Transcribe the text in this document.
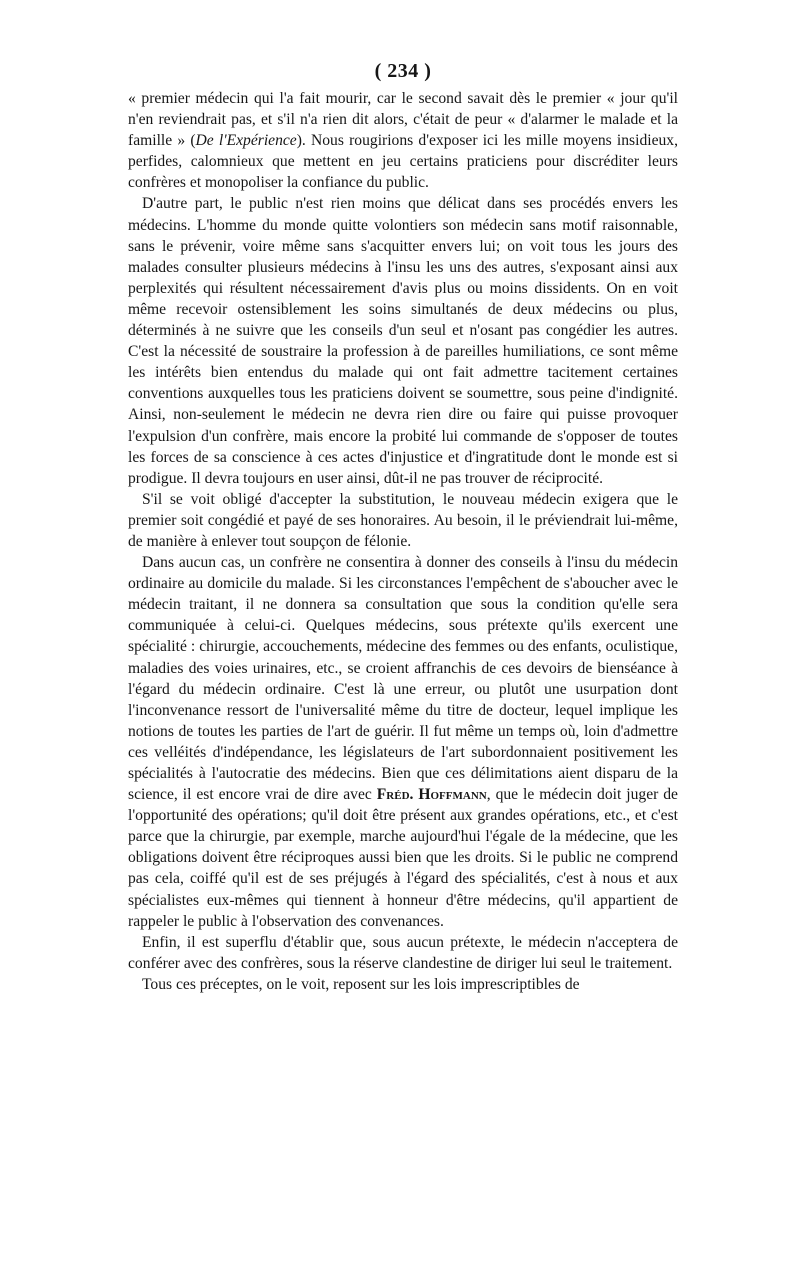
( 234 )

« premier médecin qui l'a fait mourir, car le second savait dès le premier « jour qu'il n'en reviendrait pas, et s'il n'a rien dit alors, c'était de peur « d'alarmer le malade et la famille » (De l'Expérience). Nous rougirions d'exposer ici les mille moyens insidieux, perfides, calomnieux que mettent en jeu certains praticiens pour discréditer leurs confrères et monopoliser la confiance du public.

D'autre part, le public n'est rien moins que délicat dans ses procédés envers les médecins. L'homme du monde quitte volontiers son médecin sans motif raisonnable, sans le prévenir, voire même sans s'acquitter envers lui; on voit tous les jours des malades consulter plusieurs médecins à l'insu les uns des autres, s'exposant ainsi aux perplexités qui résultent nécessairement d'avis plus ou moins dissidents. On en voit même recevoir ostensiblement les soins simultanés de deux médecins ou plus, déterminés à ne suivre que les conseils d'un seul et n'osant pas congédier les autres. C'est la nécessité de soustraire la profession à de pareilles humiliations, ce sont même les intérêts bien entendus du malade qui ont fait admettre tacitement certaines conventions auxquelles tous les praticiens doivent se soumettre, sous peine d'indignité. Ainsi, non-seulement le médecin ne devra rien dire ou faire qui puisse provoquer l'expulsion d'un confrère, mais encore la probité lui commande de s'opposer de toutes les forces de sa conscience à ces actes d'injustice et d'ingratitude dont le monde est si prodigue. Il devra toujours en user ainsi, dût-il ne pas trouver de réciprocité.

S'il se voit obligé d'accepter la substitution, le nouveau médecin exigera que le premier soit congédié et payé de ses honoraires. Au besoin, il le préviendrait lui-même, de manière à enlever tout soupçon de félonie.

Dans aucun cas, un confrère ne consentira à donner des conseils à l'insu du médecin ordinaire au domicile du malade. Si les circonstances l'empêchent de s'aboucher avec le médecin traitant, il ne donnera sa consultation que sous la condition qu'elle sera communiquée à celui-ci. Quelques médecins, sous prétexte qu'ils exercent une spécialité : chirurgie, accouchements, médecine des femmes ou des enfants, oculistique, maladies des voies urinaires, etc., se croient affranchis de ces devoirs de bienséance à l'égard du médecin ordinaire. C'est là une erreur, ou plutôt une usurpation dont l'inconvenance ressort de l'universalité même du titre de docteur, lequel implique les notions de toutes les parties de l'art de guérir. Il fut même un temps où, loin d'admettre ces velléités d'indépendance, les législateurs de l'art subordonnaient positivement les spécialités à l'autocratie des médecins. Bien que ces délimitations aient disparu de la science, il est encore vrai de dire avec Fréd. Hoffmann, que le médecin doit juger de l'opportunité des opérations; qu'il doit être présent aux grandes opérations, etc., et c'est parce que la chirurgie, par exemple, marche aujourd'hui l'égale de la médecine, que les obligations doivent être réciproques aussi bien que les droits. Si le public ne comprend pas cela, coiffé qu'il est de ses préjugés à l'égard des spécialités, c'est à nous et aux spécialistes eux-mêmes qui tiennent à honneur d'être médecins, qu'il appartient de rappeler le public à l'observation des convenances.

Enfin, il est superflu d'établir que, sous aucun prétexte, le médecin n'acceptera de conférer avec des confrères, sous la réserve clandestine de diriger lui seul le traitement.

Tous ces préceptes, on le voit, reposent sur les lois imprescriptibles de
